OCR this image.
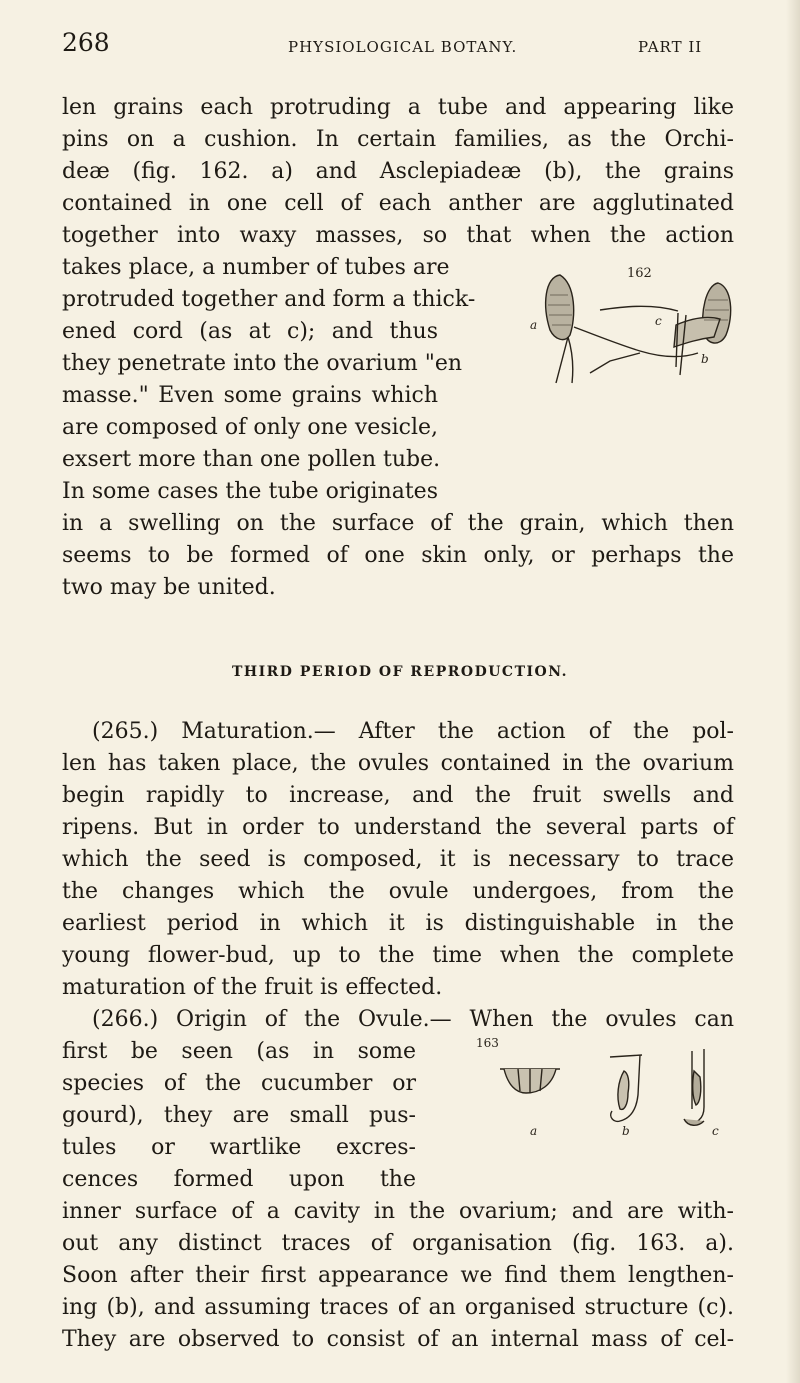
268	PHYSIOLOGICAL BOTANY.	PART II
len grains each protruding a tube and appearing like
pins on a cushion. In certain families, as the Orchi-
deæ (fig. 162. a) and Asclepiadeæ (b), the grains
contained in one cell of each anther are agglutinated
together into waxy masses, so that when the action
takes place, a number of tubes are
protruded together and form a thick-
ened cord (as at c); and thus
they penetrate into the ovarium "en
masse." Even some grains which
are composed of only one vesicle,
exsert more than one pollen tube.
In some cases the tube originates
in a swelling on the surface of the grain, which then
seems to be formed of one skin only, or perhaps the
two may be united.
THIRD PERIOD OF REPRODUCTION.
(265.) Maturation.— After the action of the pol-
len has taken place, the ovules contained in the ovarium
begin rapidly to increase, and the fruit swells and
ripens. But in order to understand the several parts of
which the seed is composed, it is necessary to trace
the changes which the ovule undergoes, from the
earliest period in which it is distinguishable in the
young flower-bud, up to the time when the complete
maturation of the fruit is effected.
(266.) Origin of the Ovule.— When the ovules can
first be seen (as in some
species of the cucumber or
gourd), they are small pus-
tules or wartlike excres-
cences formed upon the
inner surface of a cavity in the ovarium; and are with-
out any distinct traces of organisation (fig. 163. a).
Soon after their first appearance we find them lengthen-
ing (b), and assuming traces of an organised structure (c).
They are observed to consist of an internal mass of cel-
162
a
b
c
163
a	b	c
